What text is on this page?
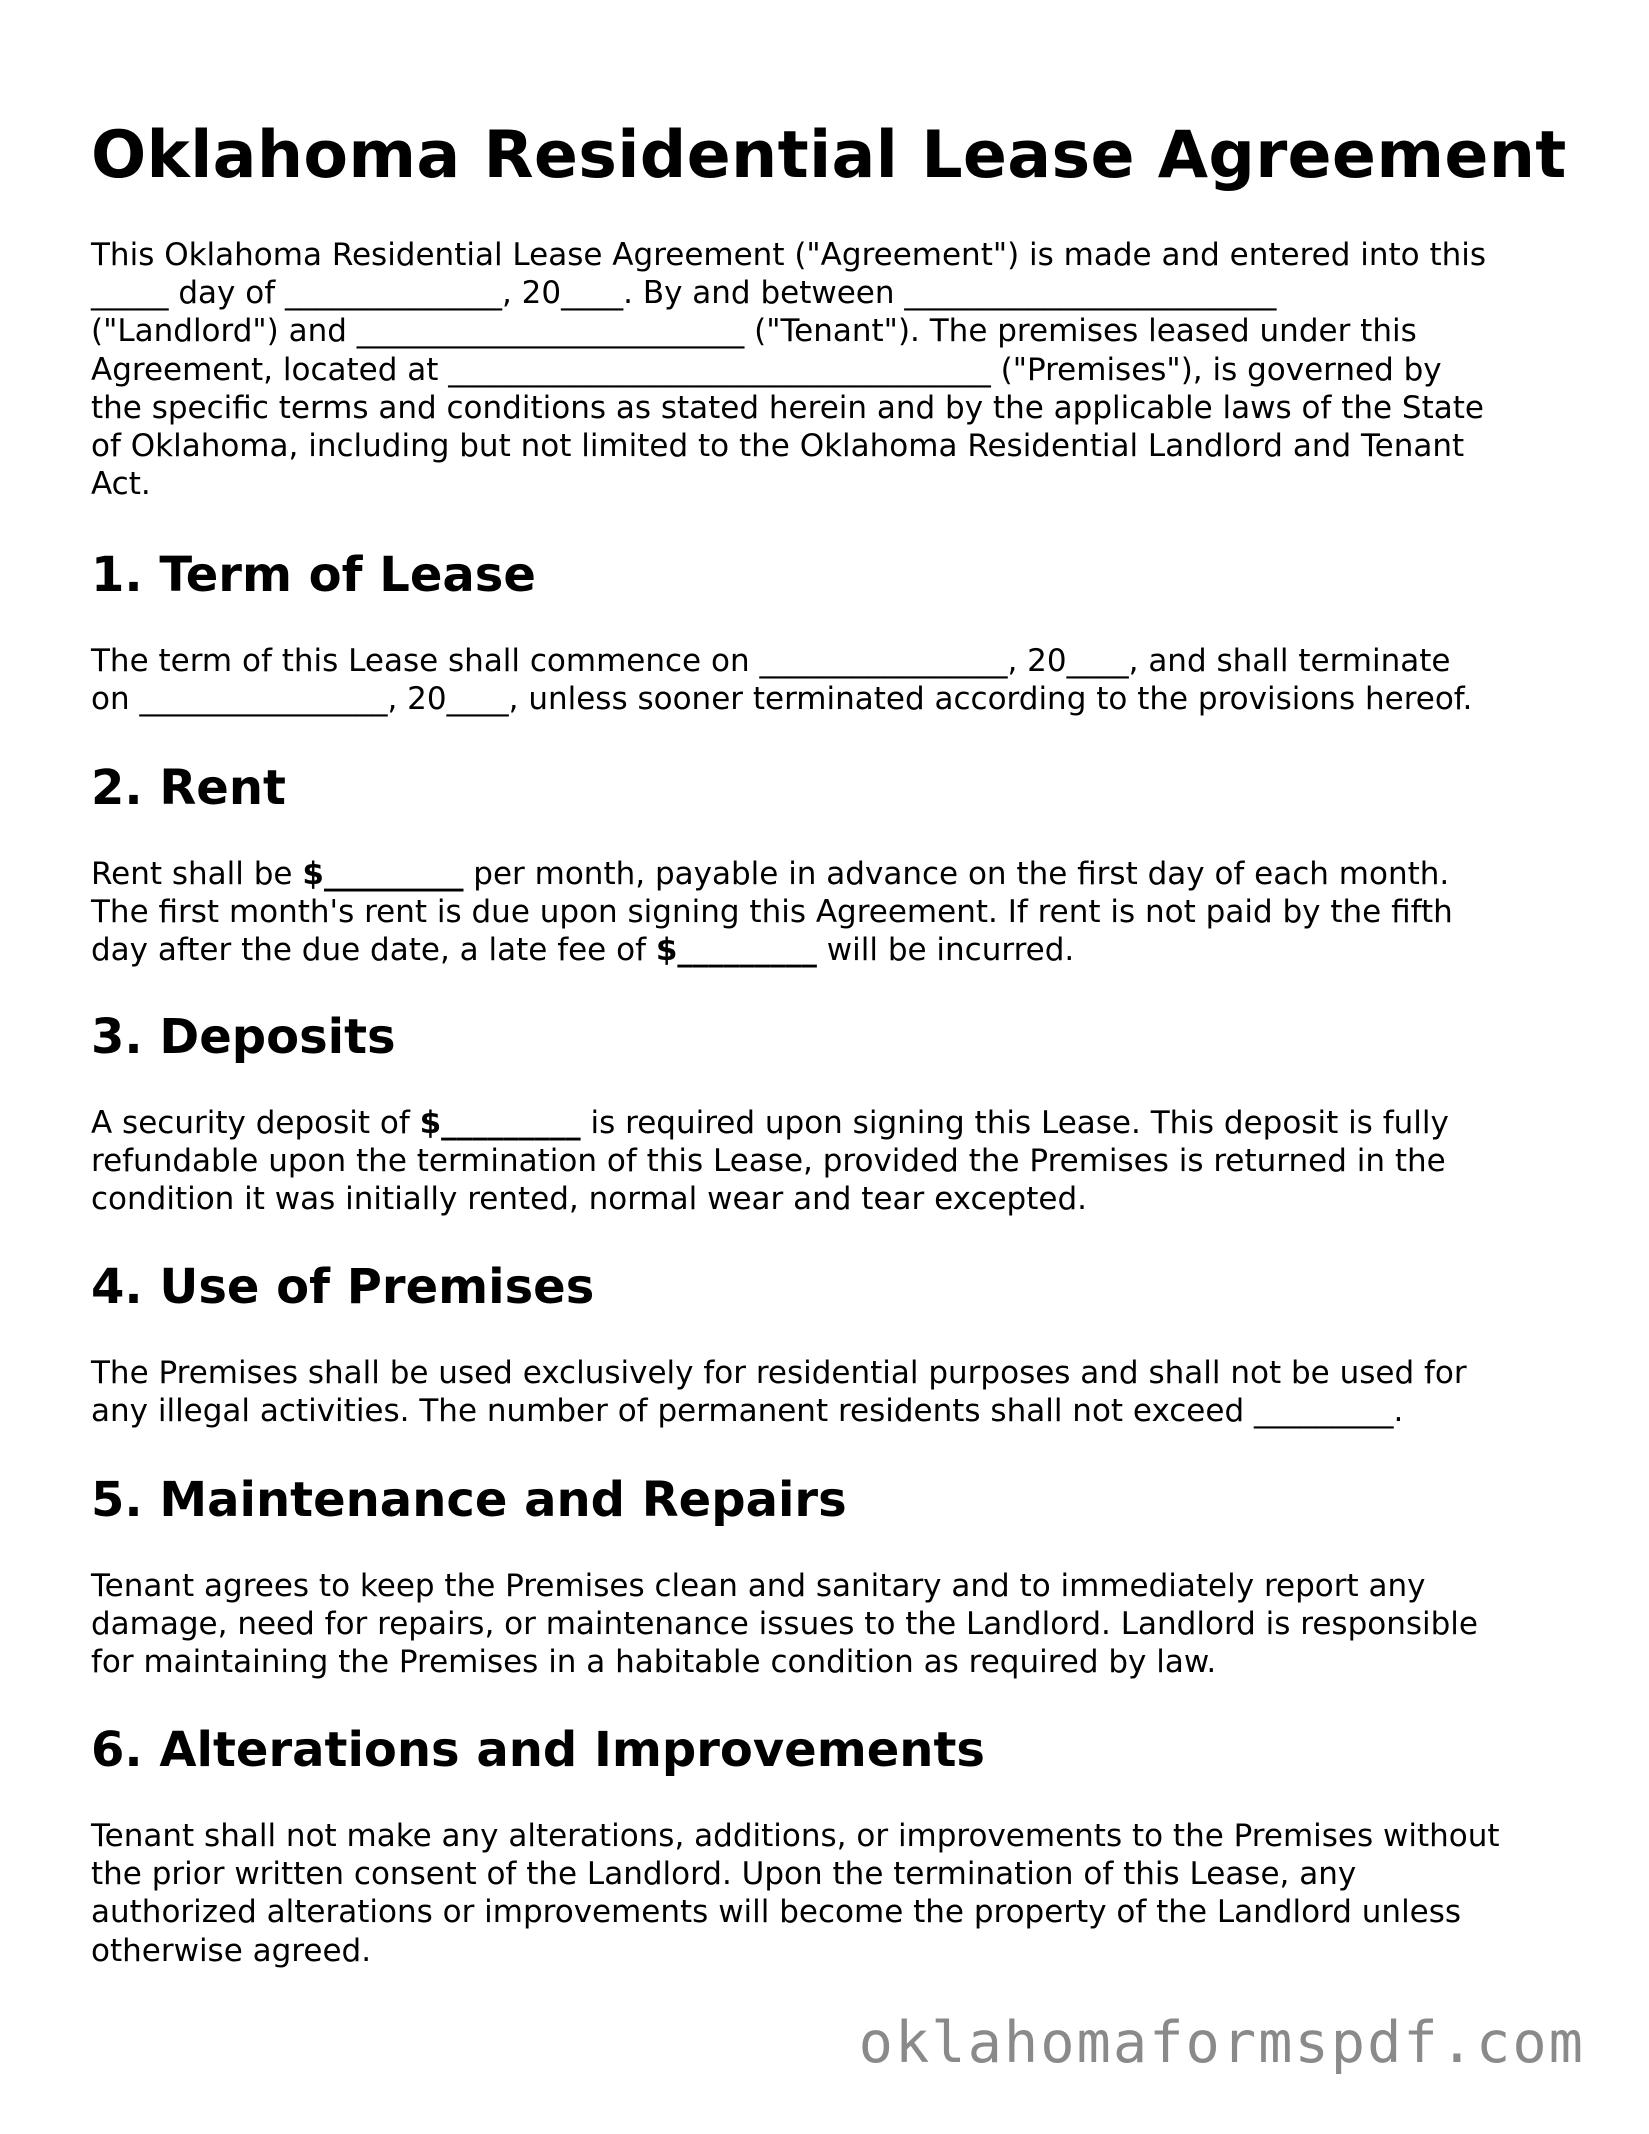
Oklahoma Residential Lease Agreement

This Oklahoma Residential Lease Agreement ("Agreement") is made and entered into this
_____ day of ______________, 20____. By and between ________________________
("Landlord") and _________________________ ("Tenant"). The premises leased under this
Agreement, located at ___________________________________ ("Premises"), is governed by
the specific terms and conditions as stated herein and by the applicable laws of the State
of Oklahoma, including but not limited to the Oklahoma Residential Landlord and Tenant
Act.

1. Term of Lease

The term of this Lease shall commence on ________________, 20____, and shall terminate
on ________________, 20____, unless sooner terminated according to the provisions hereof.

2. Rent

Rent shall be $_________ per month, payable in advance on the first day of each month.
The first month's rent is due upon signing this Agreement. If rent is not paid by the fifth
day after the due date, a late fee of $_________ will be incurred.

3. Deposits

A security deposit of $_________ is required upon signing this Lease. This deposit is fully
refundable upon the termination of this Lease, provided the Premises is returned in the
condition it was initially rented, normal wear and tear excepted.

4. Use of Premises

The Premises shall be used exclusively for residential purposes and shall not be used for
any illegal activities. The number of permanent residents shall not exceed _________.

5. Maintenance and Repairs

Tenant agrees to keep the Premises clean and sanitary and to immediately report any
damage, need for repairs, or maintenance issues to the Landlord. Landlord is responsible
for maintaining the Premises in a habitable condition as required by law.

6. Alterations and Improvements

Tenant shall not make any alterations, additions, or improvements to the Premises without
the prior written consent of the Landlord. Upon the termination of this Lease, any
authorized alterations or improvements will become the property of the Landlord unless
otherwise agreed.

oklahomaformspdf.com
